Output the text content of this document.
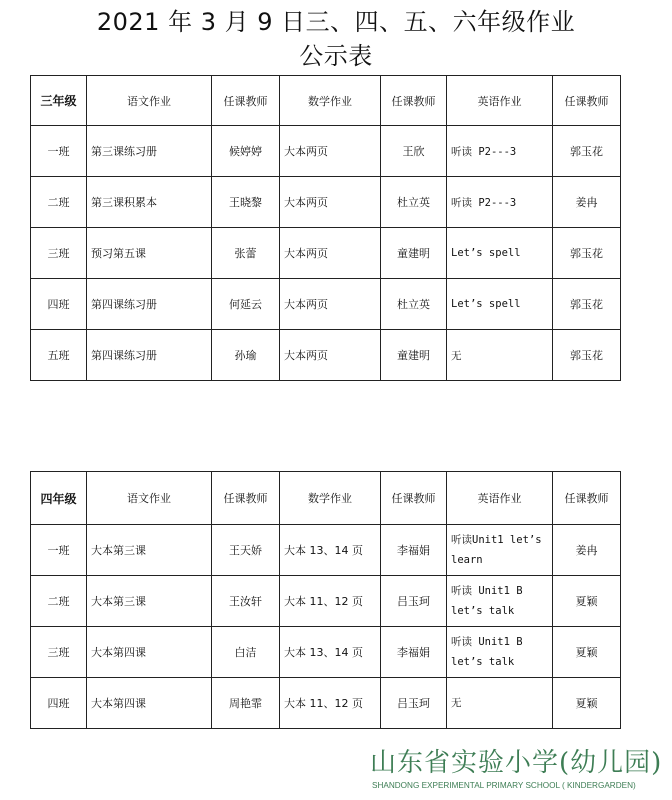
2021 年 3 月 9 日三、四、五、六年级作业
公示表
三年级	语文作业	任课教师	数学作业	任课教师	英语作业	任课教师
一班	第三课练习册	候婷婷	大本两页	王欣	听读 P2---3	郭玉花
二班	第三课积累本	王晓黎	大本两页	杜立英	听读 P2---3	姜冉
三班	预习第五课	张蕾	大本两页	童建明	Let’s spell	郭玉花
四班	第四课练习册	何延云	大本两页	杜立英	Let’s spell	郭玉花
五班	第四课练习册	孙瑜	大本两页	童建明	无	郭玉花
四年级	语文作业	任课教师	数学作业	任课教师	英语作业	任课教师
一班	大本第三课	王天娇	大本 13、14 页	李福娟	听读Unit1 let’s learn	姜冉
二班	大本第三课	王汝轩	大本 11、12 页	吕玉珂	听读 Unit1 B let’s talk	夏颖
三班	大本第四课	白洁	大本 13、14 页	李福娟	听读 Unit1 B let’s talk	夏颖
四班	大本第四课	周艳霏	大本 11、12 页	吕玉珂	无	夏颖
山东省实验小学(幼儿园)
SHANDONG EXPERIMENTAL PRIMARY SCHOOL ( KINDERGARDEN)
